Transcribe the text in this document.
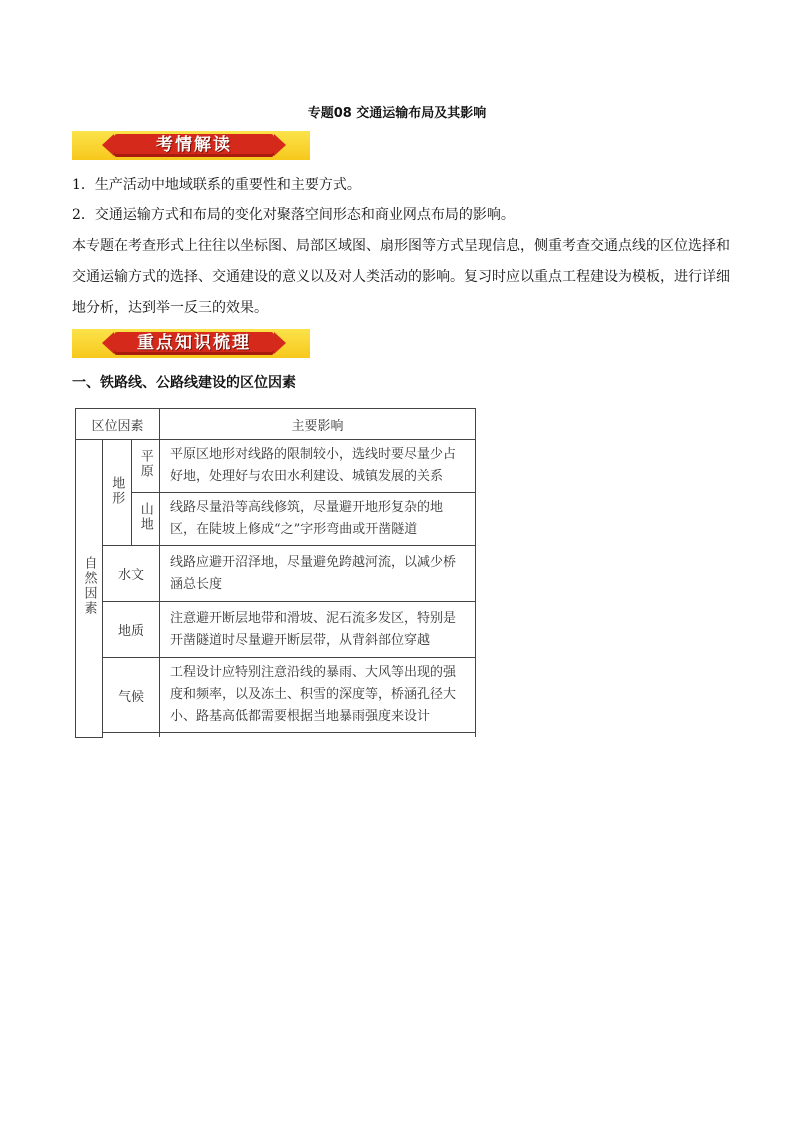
专题08 交通运输布局及其影响
考情解读

1．生产活动中地域联系的重要性和主要方式。

2．交通运输方式和布局的变化对聚落空间形态和商业网点布局的影响。

本专题在考查形式上往往以坐标图、局部区域图、扇形图等方式呈现信息，侧重考查交通点线的区位选择和交通运输方式的选择、交通建设的意义以及对人类活动的影响。复习时应以重点工程建设为模板，进行详细地分析，达到举一反三的效果。

重点知识梳理
一、铁路线、公路线建设的区位因素
区位因素			主要影响
自然因素	地形	平原	平原区地形对线路的限制较小，选线时要尽量少占好地，处理好与农田水利建设、城镇发展的关系
		山地	线路尽量沿等高线修筑，尽量避开地形复杂的地区，在陡坡上修成“之”字形弯曲或开凿隧道
	水文		线路应避开沼泽地，尽量避免跨越河流，以减少桥涵总长度
	地质		注意避开断层地带和滑坡、泥石流多发区，特别是开凿隧道时尽量避开断层带，从背斜部位穿越
	气候		工程设计应特别注意沿线的暴雨、大风等出现的强度和频率，以及冻土、积雪的深度等，桥涵孔径大小、路基高低都需要根据当地暴雨强度来设计
